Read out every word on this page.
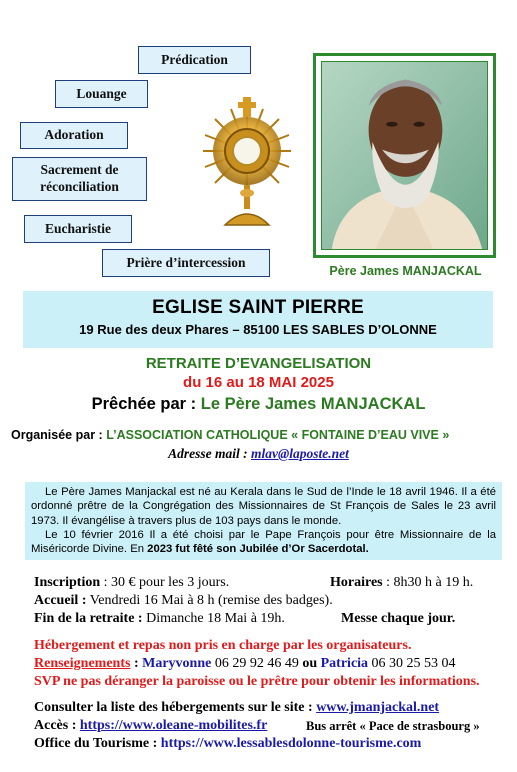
Prédication
Louange
Adoration
Sacrement de
réconciliation
Eucharistie
Prière d’intercession
Père James MANJACKAL
EGLISE SAINT PIERRE
19 Rue des deux Phares – 85100 LES SABLES D’OLONNE
RETRAITE D’EVANGELISATION
du 16 au 18 MAI 2025
Prêchée par : Le Père James MANJACKAL
Organisée par : L’ASSOCIATION CATHOLIQUE « FONTAINE D’EAU VIVE »
Adresse mail : mlav@laposte.net

Le Père James Manjackal est né au Kerala dans le Sud de l’Inde le 18 avril 1946. Il a été ordonné prêtre de la Congrégation des Missionnaires de St François de Sales le 23 avril 1973. Il évangélise à travers plus de 103 pays dans le monde.

Le 10 février 2016 Il a été choisi par le Pape François pour être Missionnaire de la Miséricorde Divine. En 2023 fut fêté son Jubilée d’Or Sacerdotal.

Inscription : 30 € pour les 3 jours.	Horaires : 8h30 h à 19 h.
Accueil : Vendredi 16 Mai à 8 h (remise des badges).
Fin de la retraite : Dimanche 18 Mai à 19h.	Messe chaque jour.
Hébergement et repas non pris en charge par les organisateurs.
Renseignements : Maryvonne 06 29 92 46 49 ou Patricia 06 30 25 53 04
SVP ne pas déranger la paroisse ou le prêtre pour obtenir les informations.
Consulter la liste des hébergements sur le site : www.jmanjackal.net
Accès : https://www.oleane-mobilites.fr	Bus arrêt « Pace de strasbourg »
Office du Tourisme : https://www.lessablesdolonne-tourisme.com
